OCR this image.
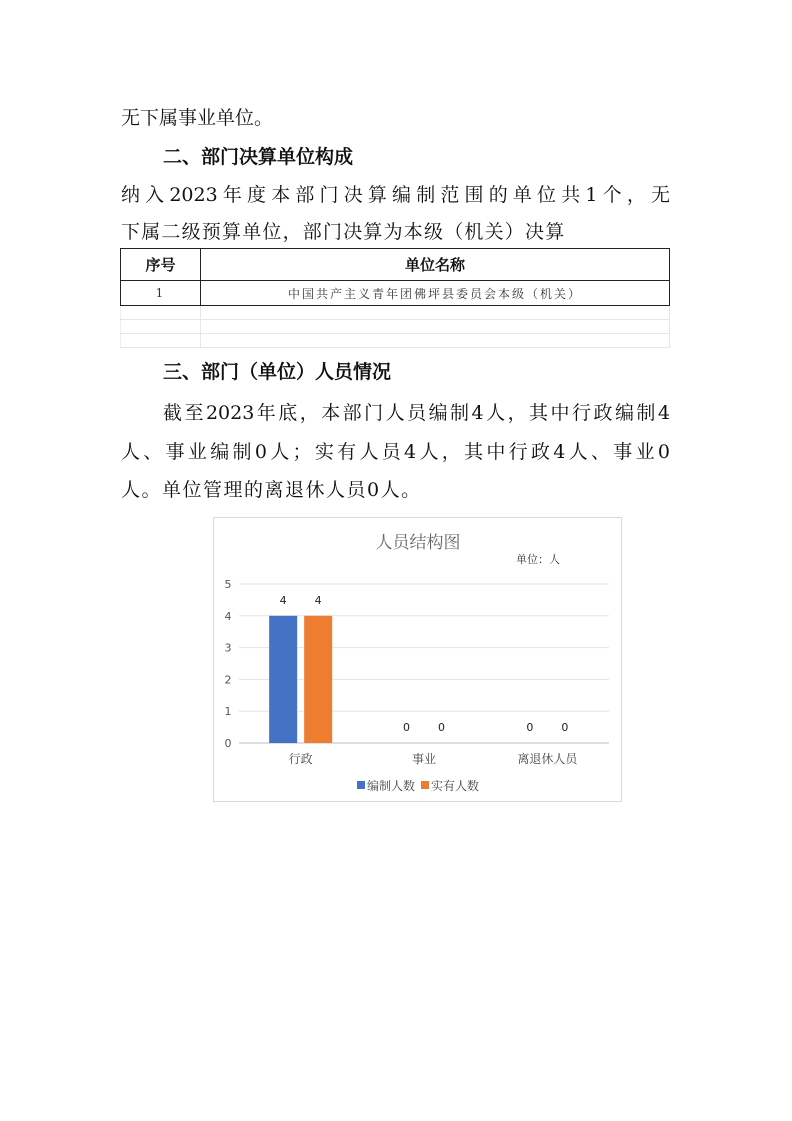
无下属事业单位。
二、部门决算单位构成
纳入2023年度本部门决算编制范围的单位共1个，无
下属二级预算单位，部门决算为本级（机关）决算
序号	单位名称
1	中国共产主义青年团佛坪县委员会本级（机关）

三、部门（单位）人员情况
截至2023年底，本部门人员编制4人，其中行政编制4
人、事业编制0人；实有人员4人，其中行政4人、事业0
人。单位管理的离退休人员0人。
人员结构图
单位：人
0
1
2
3
4
5
行政
4	4
事业
0	0
离退休人员
0	0
编制人数 实有人数
